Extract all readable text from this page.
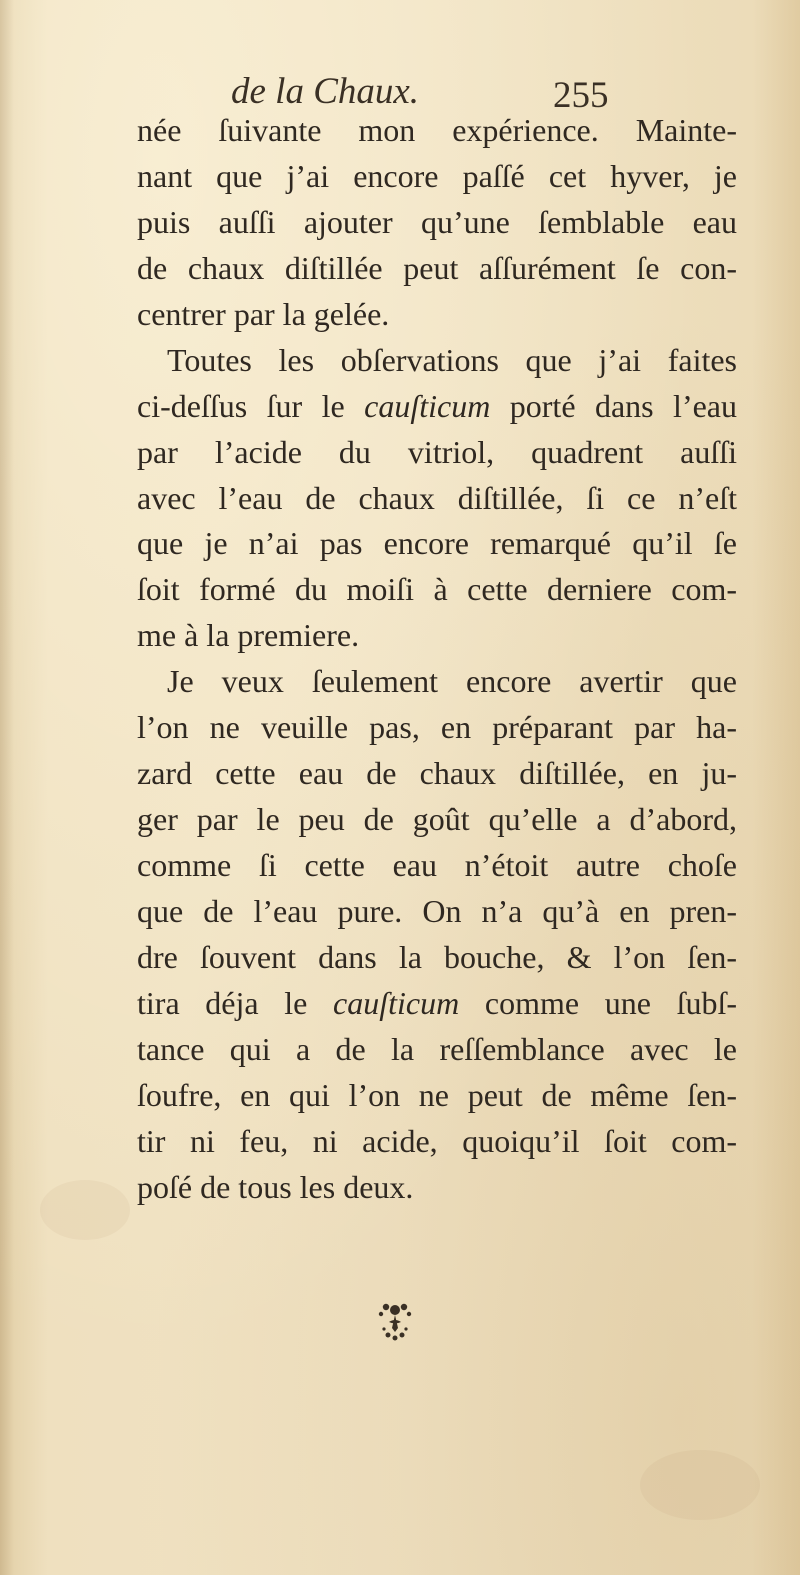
de la Chaux.	255
née ſuivante mon expérience. Mainte-
nant que j’ai encore paſſé cet hyver, je
puis auſſi ajouter qu’une ſemblable eau
de chaux diſtillée peut aſſurément ſe con-
centrer par la gelée.
Toutes les obſervations que j’ai faites
ci-deſſus ſur le cauſticum porté dans l’eau
par l’acide du vitriol, quadrent auſſi
avec l’eau de chaux diſtillée, ſi ce n’eſt
que je n’ai pas encore remarqué qu’il ſe
ſoit formé du moiſi à cette derniere com-
me à la premiere.
Je veux ſeulement encore avertir que
l’on ne veuille pas, en préparant par ha-
zard cette eau de chaux diſtillée, en ju-
ger par le peu de goût qu’elle a d’abord,
comme ſi cette eau n’étoit autre choſe
que de l’eau pure. On n’a qu’à en pren-
dre ſouvent dans la bouche, & l’on ſen-
tira déja le cauſticum comme une ſubſ-
tance qui a de la reſſemblance avec le
ſoufre, en qui l’on ne peut de même ſen-
tir ni feu, ni acide, quoiqu’il ſoit com-
poſé de tous les deux.
